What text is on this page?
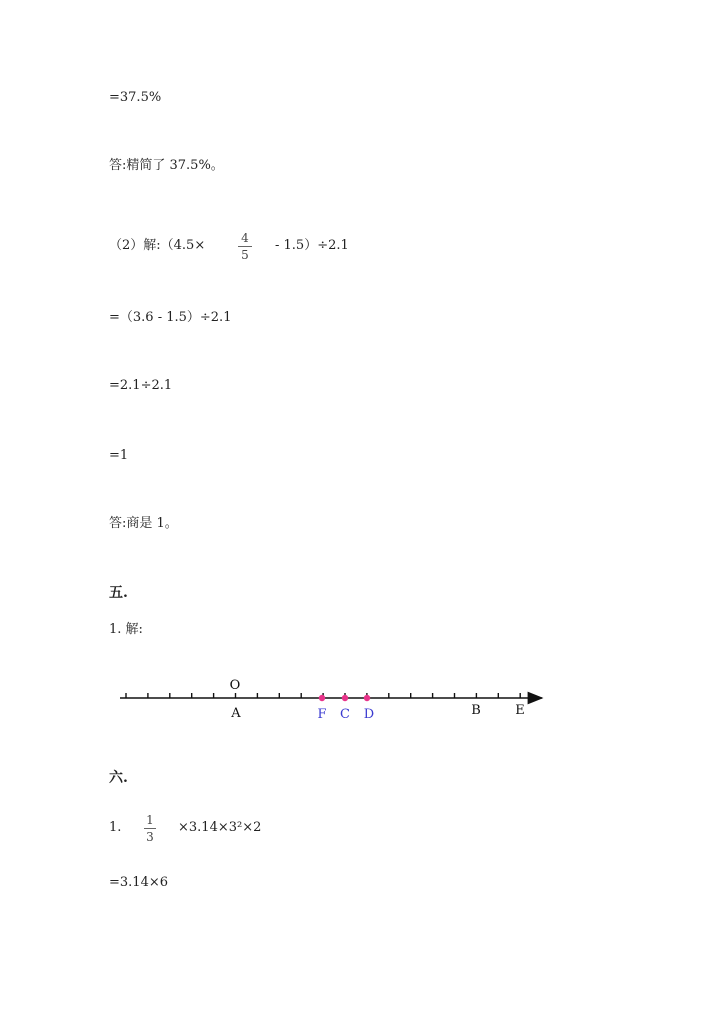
=37.5%
答:精简了 37.5%。
（2）解:（4.5×	4
5
- 1.5）÷2.1
=（3.6 - 1.5）÷2.1
=2.1÷2.1
=1
答:商是 1。
五.
1. 解:
O
A	F C D	B	E
六.
1. 1
3
×3.14×3²×2
=3.14×6
